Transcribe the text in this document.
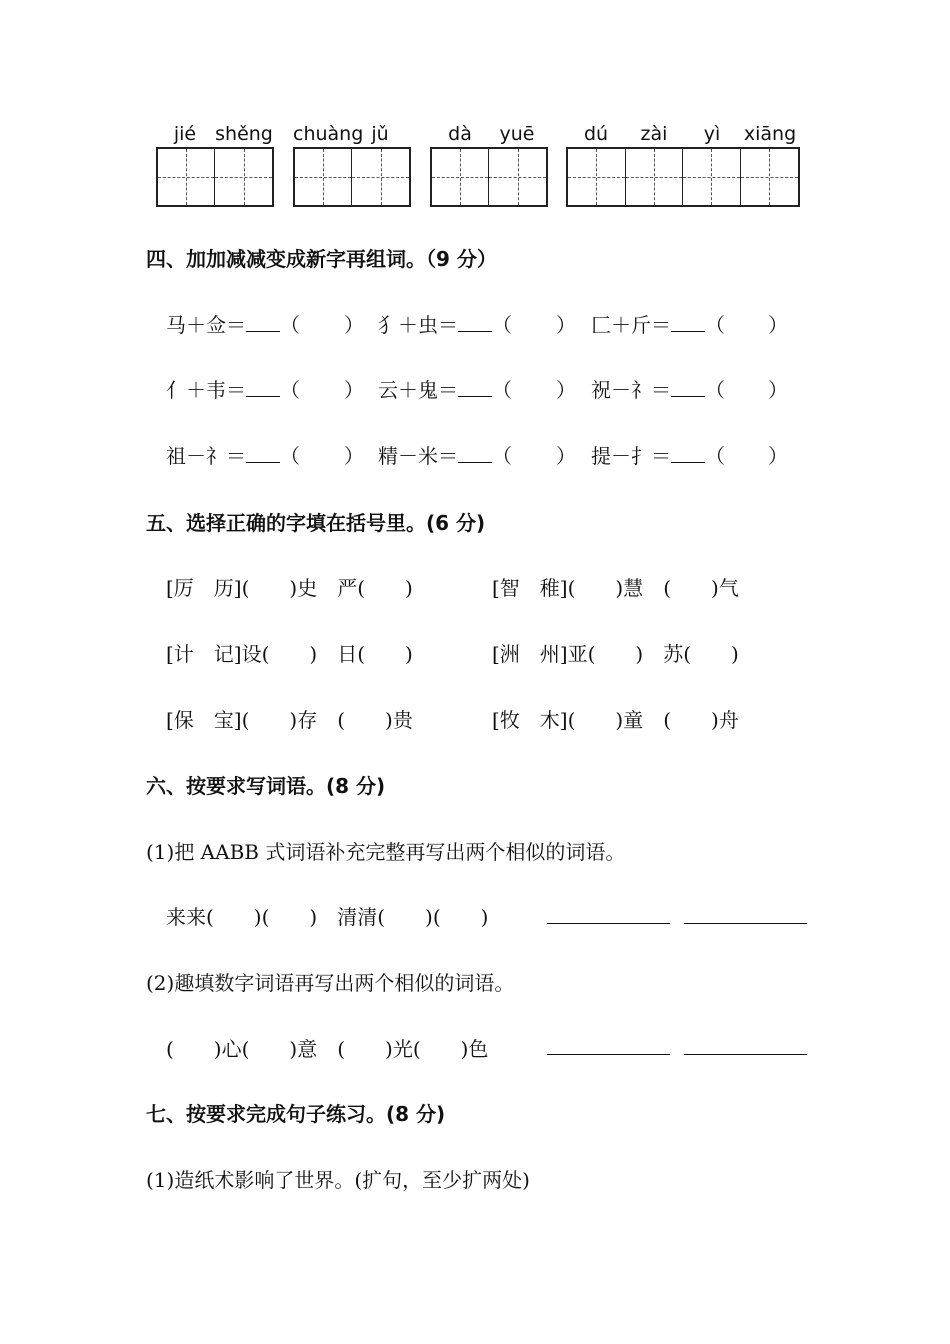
jié	shěng chuàng jǔ	dà	yuē	dú	zài	yì	xiāng
四、加加减减变成新字再组词。（9 分）
马＋佥＝ （ ） 犭＋虫＝ （ ） 匚＋斤＝ （ ）
亻＋韦＝ （ ） 云＋鬼＝ （ ） 祝－礻＝ （ ）
祖－礻＝ （ ） 精－米＝ （ ） 提－扌＝ （ ）
五、选择正确的字填在括号里。(6 分)
[厉　历](　　)史　严(　　)	[智　稚](　　)慧　(　　)气
[计　记]设(　　)　日(　　)	[洲　州]亚(　　)　苏(　　)
[保　宝](　　)存　(　　)贵	[牧　木](　　)童　(　　)舟
六、按要求写词语。(8 分)
(1)把 AABB 式词语补充完整再写出两个相似的词语。
来来(　　)(　　)　清清(　　)(　　)
(2)趣填数字词语再写出两个相似的词语。
(　　)心(　　)意　(　　)光(　　)色
七、按要求完成句子练习。(8 分)
(1)造纸术影响了世界。(扩句，至少扩两处)
